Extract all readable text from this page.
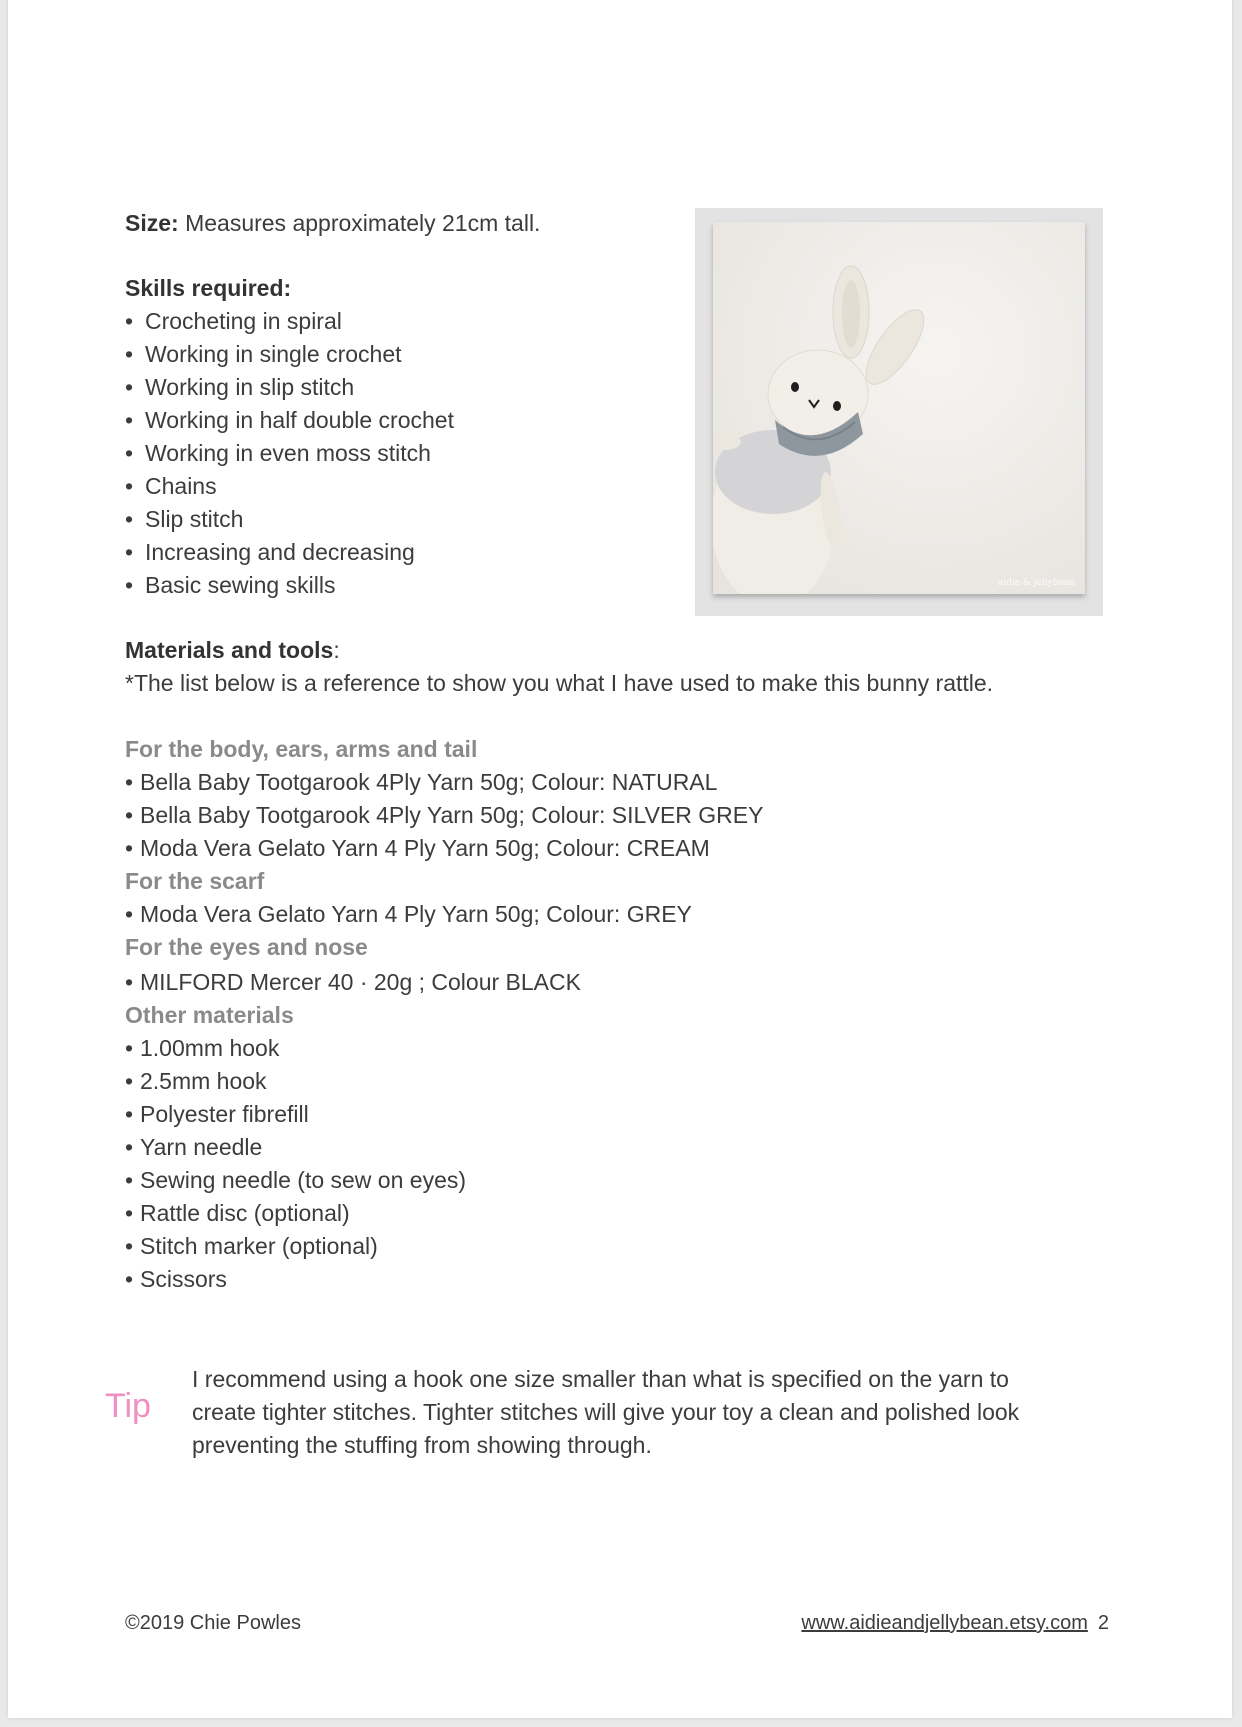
Size: Measures approximately 21cm tall.
Skills required:
• Crocheting in spiral
• Working in single crochet
• Working in slip stitch
• Working in half double crochet
• Working in even moss stitch
• Chains
• Slip stitch
• Increasing and decreasing
• Basic sewing skills	aidie & jellybean
Materials and tools:
*The list below is a reference to show you what I have used to make this bunny rattle.
For the body, ears, arms and tail
• Bella Baby Tootgarook 4Ply Yarn 50g; Colour: NATURAL
• Bella Baby Tootgarook 4Ply Yarn 50g; Colour: SILVER GREY
• Moda Vera Gelato Yarn 4 Ply Yarn 50g; Colour: CREAM
For the scarf
• Moda Vera Gelato Yarn 4 Ply Yarn 50g; Colour: GREY
For the eyes and nose
• MILFORD Mercer 40 · 20g ; Colour BLACK
Other materials
• 1.00mm hook
• 2.5mm hook
• Polyester fibrefill
• Yarn needle
• Sewing needle (to sew on eyes)
• Rattle disc (optional)
• Stitch marker (optional)
• Scissors
Tip
I recommend using a hook one size smaller than what is specified on the yarn to create tighter stitches. Tighter stitches will give your toy a clean and polished look preventing the stuffing from showing through.
©2019 Chie Powles	www.aidieandjellybean.etsy.com 2
